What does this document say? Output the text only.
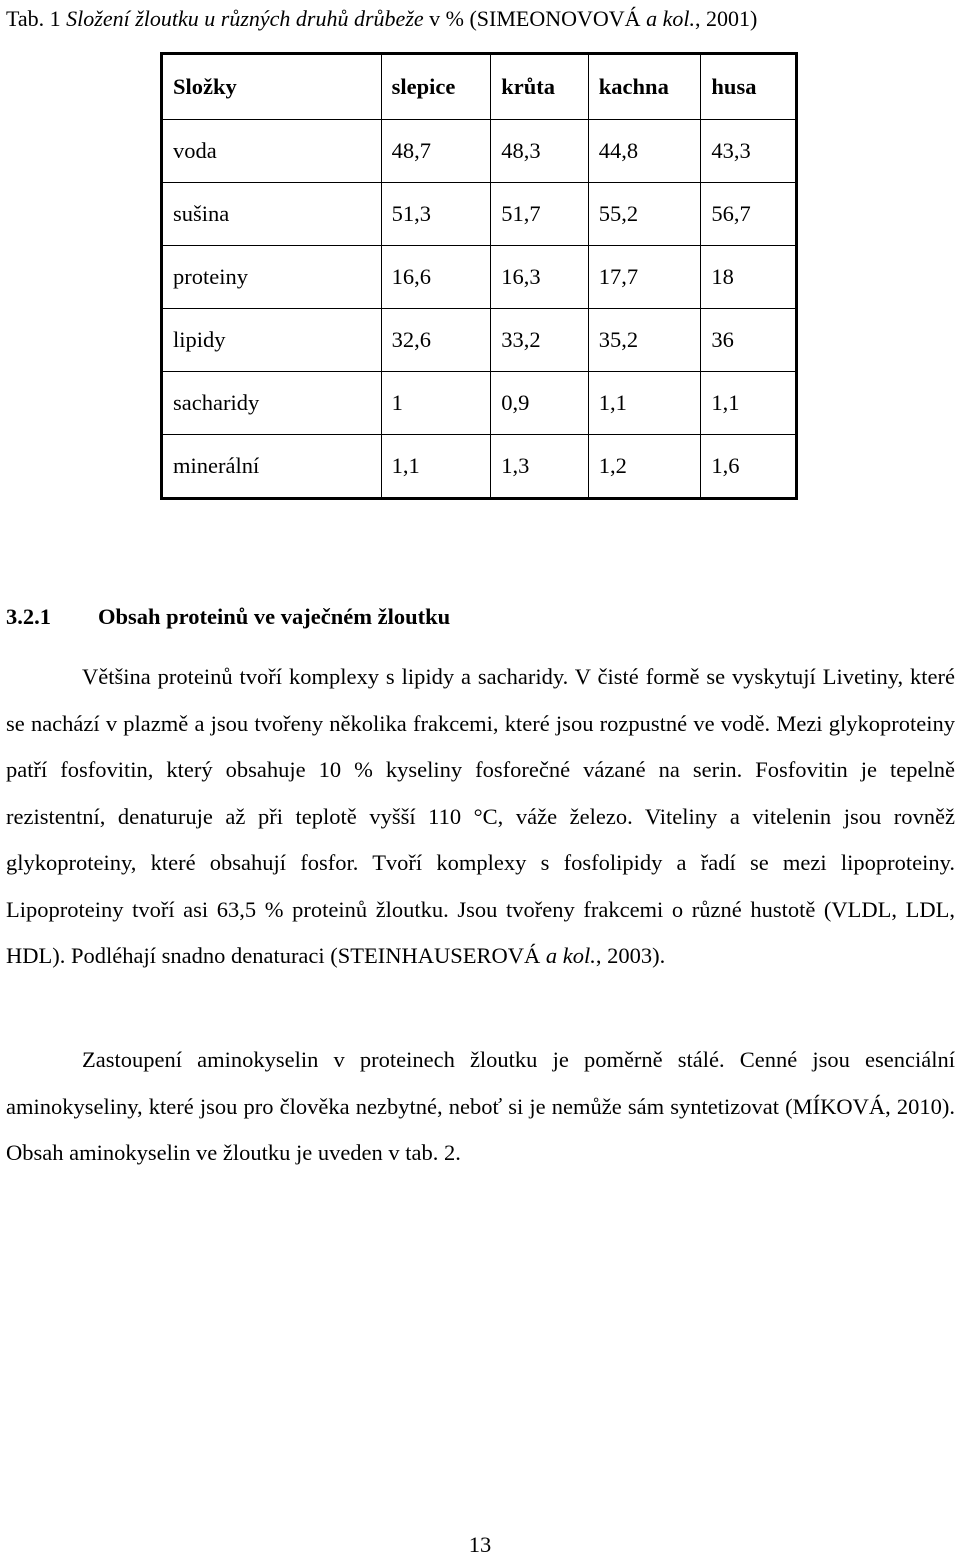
Tab. 1 Složení žloutku u různých druhů drůbeže v % (SIMEONOVOVÁ a kol., 2001)
Složky	slepice	krůta	kachna	husa
voda	48,7	48,3	44,8	43,3
sušina	51,3	51,7	55,2	56,7
proteiny	16,6	16,3	17,7	18
lipidy	32,6	33,2	35,2	36
sacharidy	1	0,9	1,1	1,1
minerální	1,1	1,3	1,2	1,6
3.2.1 Obsah proteinů ve vaječném žloutku

Většina proteinů tvoří komplexy s lipidy a sacharidy. V čisté formě se vyskytují Livetiny, které se nachází v plazmě a jsou tvořeny několika frakcemi, které jsou rozpustné ve vodě. Mezi glykoproteiny patří fosfovitin, který obsahuje 10 % kyseliny fosforečné vázané na serin. Fosfovitin je tepelně rezistentní, denaturuje až při teplotě vyšší 110 °C, váže železo. Viteliny a vitelenin jsou rovněž glykoproteiny, které obsahují fosfor. Tvoří komplexy s fosfolipidy a řadí se mezi lipoproteiny. Lipoproteiny tvoří asi 63,5 % proteinů žloutku. Jsou tvořeny frakcemi o různé hustotě (VLDL, LDL, HDL). Podléhají snadno denaturaci (STEINHAUSEROVÁ a kol., 2003).

Zastoupení aminokyselin v proteinech žloutku je poměrně stálé. Cenné jsou esenciální aminokyseliny, které jsou pro člověka nezbytné, neboť si je nemůže sám syntetizovat (MÍKOVÁ, 2010). Obsah aminokyselin ve žloutku je uveden v tab. 2.

13
